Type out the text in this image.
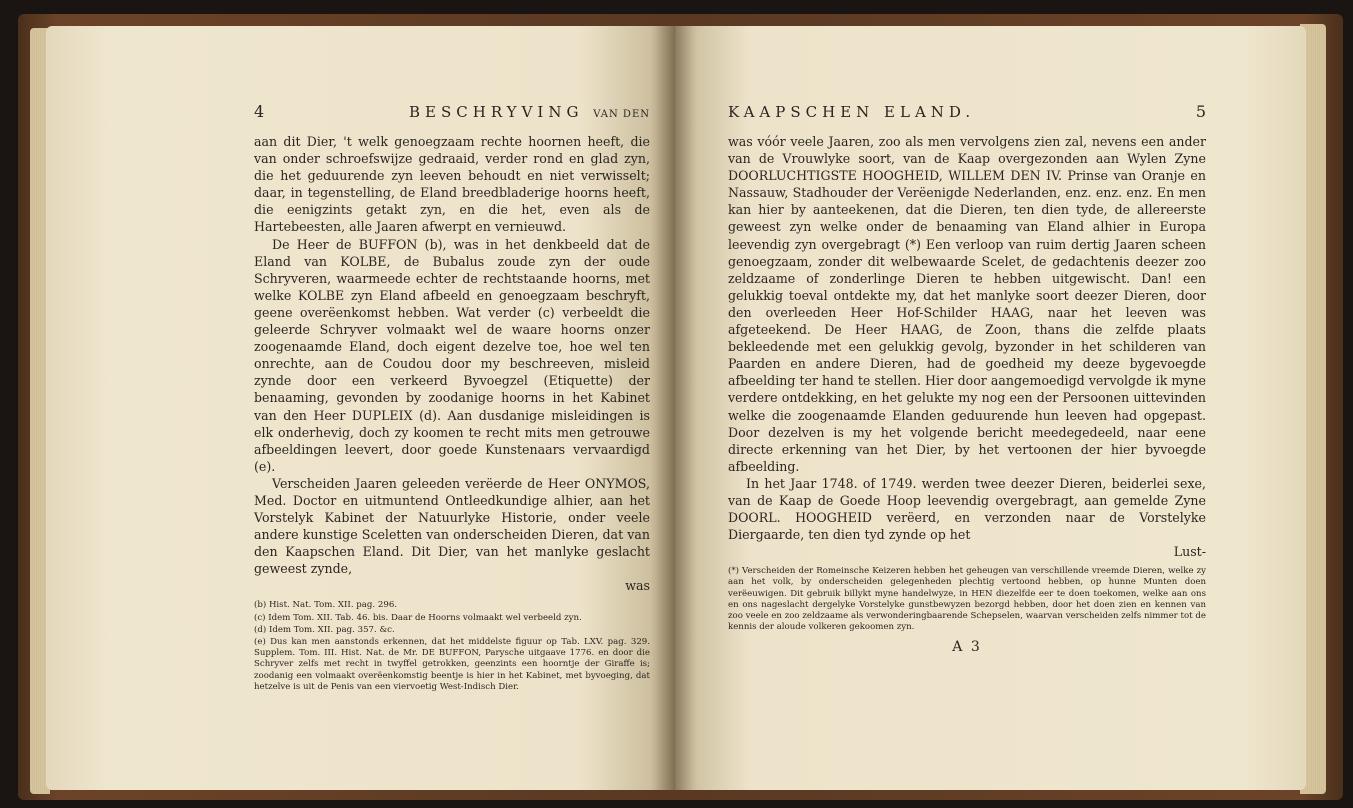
4	BESCHRYVING VAN DEN

aan dit Dier, 't welk genoegzaam rechte hoornen heeft, die van onder schroefswijze gedraaid, verder rond en glad zyn, die het geduurende zyn leeven behoudt en niet verwisselt; daar, in tegenstelling, de Eland breedbladerige hoorns heeft, die eenigzints getakt zyn, en die het, even als de Hartebeesten, alle Jaaren afwerpt en vernieuwd.

De Heer de BUFFON (b), was in het denkbeeld dat de Eland van KOLBE, de Bubalus zoude zyn der oude Schryveren, waarmeede echter de rechtstaande hoorns, met welke KOLBE zyn Eland afbeeld en genoegzaam beschryft, geene overëenkomst hebben. Wat verder (c) verbeeldt die geleerde Schryver volmaakt wel de waare hoorns onzer zoogenaamde Eland, doch eigent dezelve toe, hoe wel ten onrechte, aan de Coudou door my beschreeven, misleid zynde door een verkeerd Byvoegzel (Etiquette) der benaaming, gevonden by zoodanige hoorns in het Kabinet van den Heer DUPLEIX (d). Aan dusdanige misleidingen is elk onderhevig, doch zy koomen te recht mits men getrouwe afbeeldingen leevert, door goede Kunstenaars vervaardigd (e).

Verscheiden Jaaren geleeden verëerde de Heer ONYMOS, Med. Doctor en uitmuntend Ontleedkundige alhier, aan het Vorstelyk Kabinet der Natuurlyke Historie, onder veele andere kunstige Sceletten van onderscheiden Dieren, dat van den Kaapschen Eland. Dit Dier, van het manlyke geslacht geweest zynde,

was

(b) Hist. Nat. Tom. XII. pag. 296.

(c) Idem Tom. XII. Tab. 46. bis. Daar de Hoorns volmaakt wel verbeeld zyn.

(d) Idem Tom. XII. pag. 357. &c.

(e) Dus kan men aanstonds erkennen, dat het middelste figuur op Tab. LXV. pag. 329. Supplem. Tom. III. Hist. Nat. de Mr. DE BUFFON, Parysche uitgaave 1776. en door die Schryver zelfs met recht in twyffel getrokken, geenzints een hoorntje der Giraffe is; zoodanig een volmaakt overëenkomstig beentje is hier in het Kabinet, met byvoeging, dat hetzelve is uit de Penis van een viervoetig West-Indisch Dier.

KAAPSCHEN ELAND.	5

was vóór veele Jaaren, zoo als men vervolgens zien zal, nevens een ander van de Vrouwlyke soort, van de Kaap overgezonden aan Wylen Zyne DOORLUCHTIGSTE HOOGHEID, WILLEM DEN IV. Prinse van Oranje en Nassauw, Stadhouder der Verëenigde Nederlanden, enz. enz. enz. En men kan hier by aanteekenen, dat die Dieren, ten dien tyde, de allereerste geweest zyn welke onder de benaaming van Eland alhier in Europa leevendig zyn overgebragt (*) Een verloop van ruim dertig Jaaren scheen genoegzaam, zonder dit welbewaarde Scelet, de gedachtenis deezer zoo zeldzaame of zonderlinge Dieren te hebben uitgewischt. Dan! een gelukkig toeval ontdekte my, dat het manlyke soort deezer Dieren, door den overleeden Heer Hof-Schilder HAAG, naar het leeven was afgeteekend. De Heer HAAG, de Zoon, thans die zelfde plaats bekleedende met een gelukkig gevolg, byzonder in het schilderen van Paarden en andere Dieren, had de goedheid my deeze bygevoegde afbeelding ter hand te stellen. Hier door aangemoedigd vervolgde ik myne verdere ontdekking, en het gelukte my nog een der Persoonen uittevinden welke die zoogenaamde Elanden geduurende hun leeven had opgepast. Door dezelven is my het volgende bericht meedegedeeld, naar eene directe erkenning van het Dier, by het vertoonen der hier byvoegde afbeelding.

In het Jaar 1748. of 1749. werden twee deezer Dieren, beiderlei sexe, van de Kaap de Goede Hoop leevendig overgebragt, aan gemelde Zyne DOORL. HOOGHEID verëerd, en verzonden naar de Vorstelyke Diergaarde, ten dien tyd zynde op het

Lust-

(*) Verscheiden der Romeinsche Keizeren hebben het geheugen van verschillende vreemde Dieren, welke zy aan het volk, by onderscheiden gelegenheden plechtig vertoond hebben, op hunne Munten doen verëeuwigen. Dit gebruik billykt myne handelwyze, in HEN diezelfde eer te doen toekomen, welke aan ons en ons nageslacht dergelyke Vorstelyke gunstbewyzen bezorgd hebben, door het doen zien en kennen van zoo veele en zoo zeldzaame als verwonderingbaarende Schepselen, waarvan verscheiden zelfs nimmer tot de kennis der aloude volkeren gekoomen zyn.

A 3
